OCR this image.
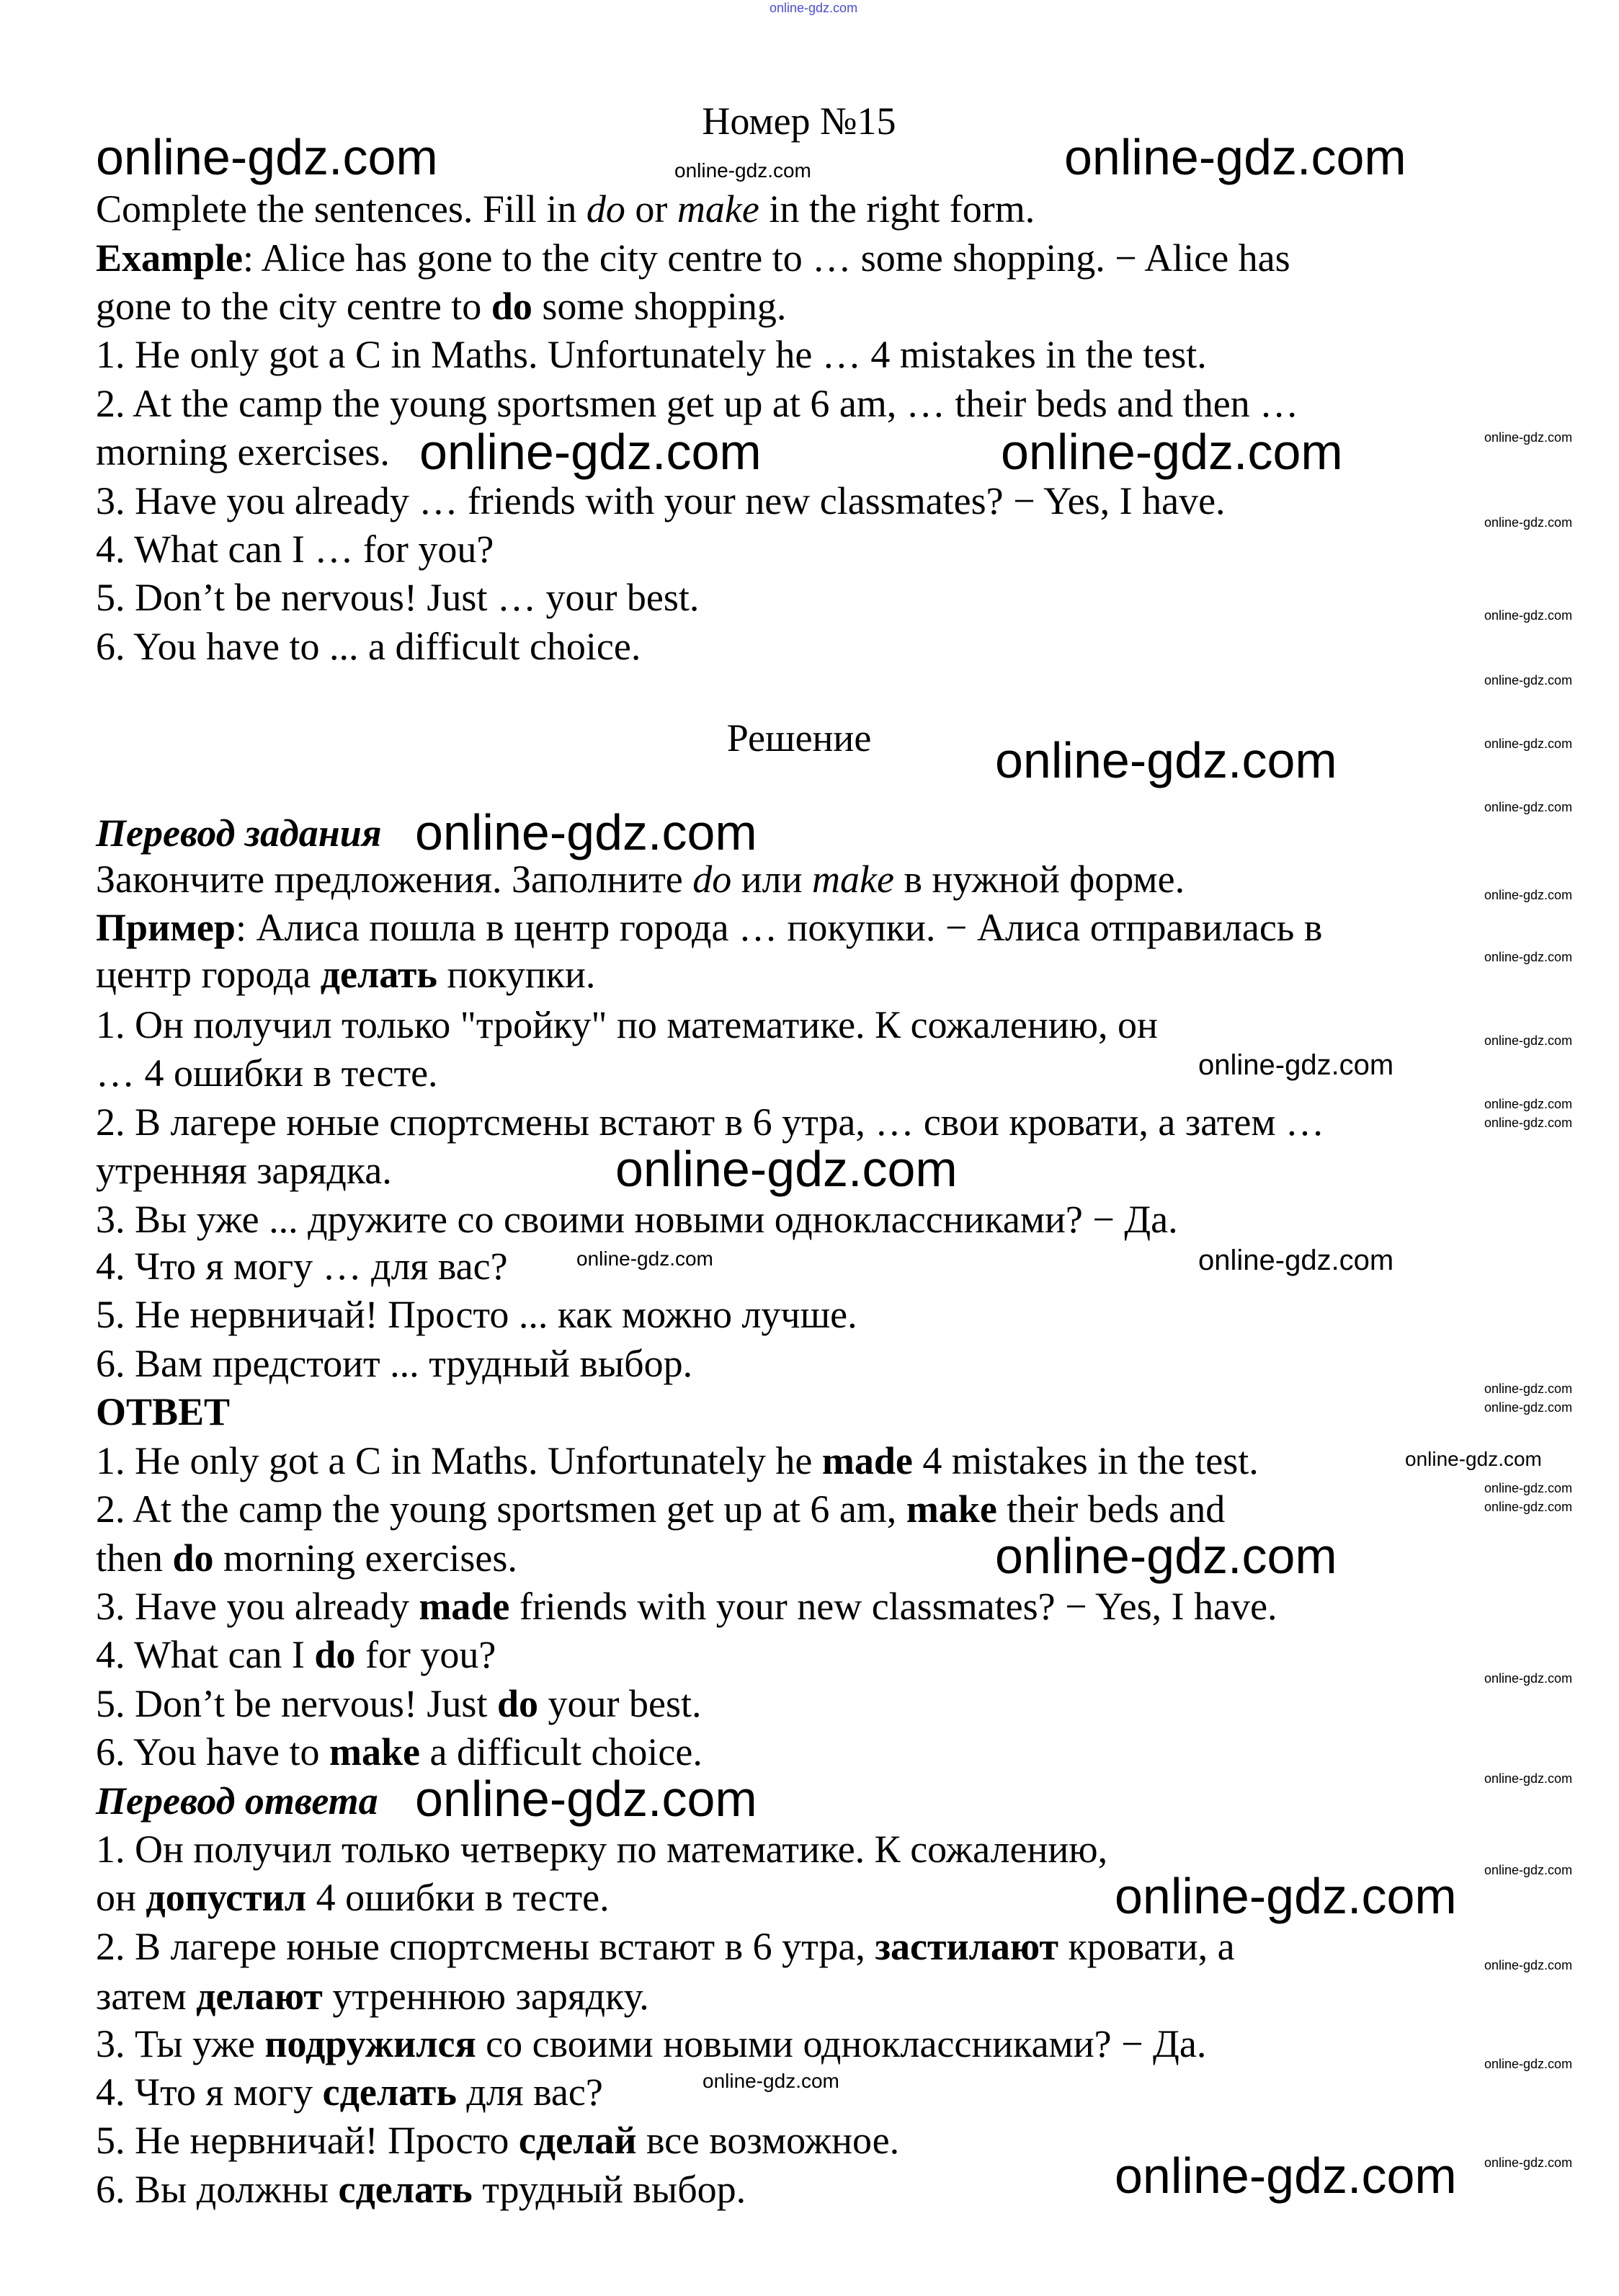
Номер №15
Complete the sentences. Fill in do or make in the right form.
Example: Alice has gone to the city centre to … some shopping. − Alice has
gone to the city centre to do some shopping.
1. He only got a C in Maths. Unfortunately he … 4 mistakes in the test.
2. At the camp the young sportsmen get up at 6 am, … their beds and then …
morning exercises.
3. Have you already … friends with your new classmates? − Yes, I have.
4. What can I … for you?
5. Don’t be nervous! Just … your best.
6. You have to ... a difficult choice.
Решение
Перевод задания
Закончите предложения. Заполните do или make в нужной форме.
Пример: Алиса пошла в центр города … покупки. − Алиса отправилась в
центр города делать покупки.
1. Он получил только "тройку" по математике. К сожалению, он
… 4 ошибки в тесте.
2. В лагере юные спортсмены встают в 6 утра, … свои кровати, а затем …
утренняя зарядка.
3. Вы уже ... дружите со своими новыми одноклассниками? − Да.
4. Что я могу … для вас?
5. Не нервничай! Просто ... как можно лучше.
6. Вам предстоит ... трудный выбор.
ОТВЕТ
1. He only got a C in Maths. Unfortunately he made 4 mistakes in the test.
2. At the camp the young sportsmen get up at 6 am, make their beds and
then do morning exercises.
3. Have you already made friends with your new classmates? − Yes, I have.
4. What can I do for you?
5. Don’t be nervous! Just do your best.
6. You have to make a difficult choice.
Перевод ответа
1. Он получил только четверку по математике. К сожалению,
он допустил 4 ошибки в тесте.
2. В лагере юные спортсмены встают в 6 утра, застилают кровати, а
затем делают утреннюю зарядку.
3. Ты уже подружился со своими новыми одноклассниками? − Да.
4. Что я могу сделать для вас?
5. Не нервничай! Просто сделай все возможное.
6. Вы должны сделать трудный выбор.
online-gdz.com
online-gdz.com	online-gdz.com
online-gdz.com
online-gdz.com	online-gdz.com
online-gdz.com
online-gdz.com
online-gdz.com
online-gdz.com
online-gdz.com
online-gdz.com
online-gdz.com
online-gdz.com
online-gdz.com
online-gdz.com
online-gdz.com
online-gdz.com
online-gdz.com
online-gdz.com
online-gdz.com
online-gdz.com
online-gdz.com
online-gdz.com
online-gdz.com
online-gdz.com
online-gdz.com
online-gdz.com
online-gdz.com
online-gdz.com
online-gdz.com
online-gdz.com
online-gdz.com
online-gdz.com
online-gdz.com
online-gdz.com
online-gdz.com
online-gdz.com
online-gdz.com
